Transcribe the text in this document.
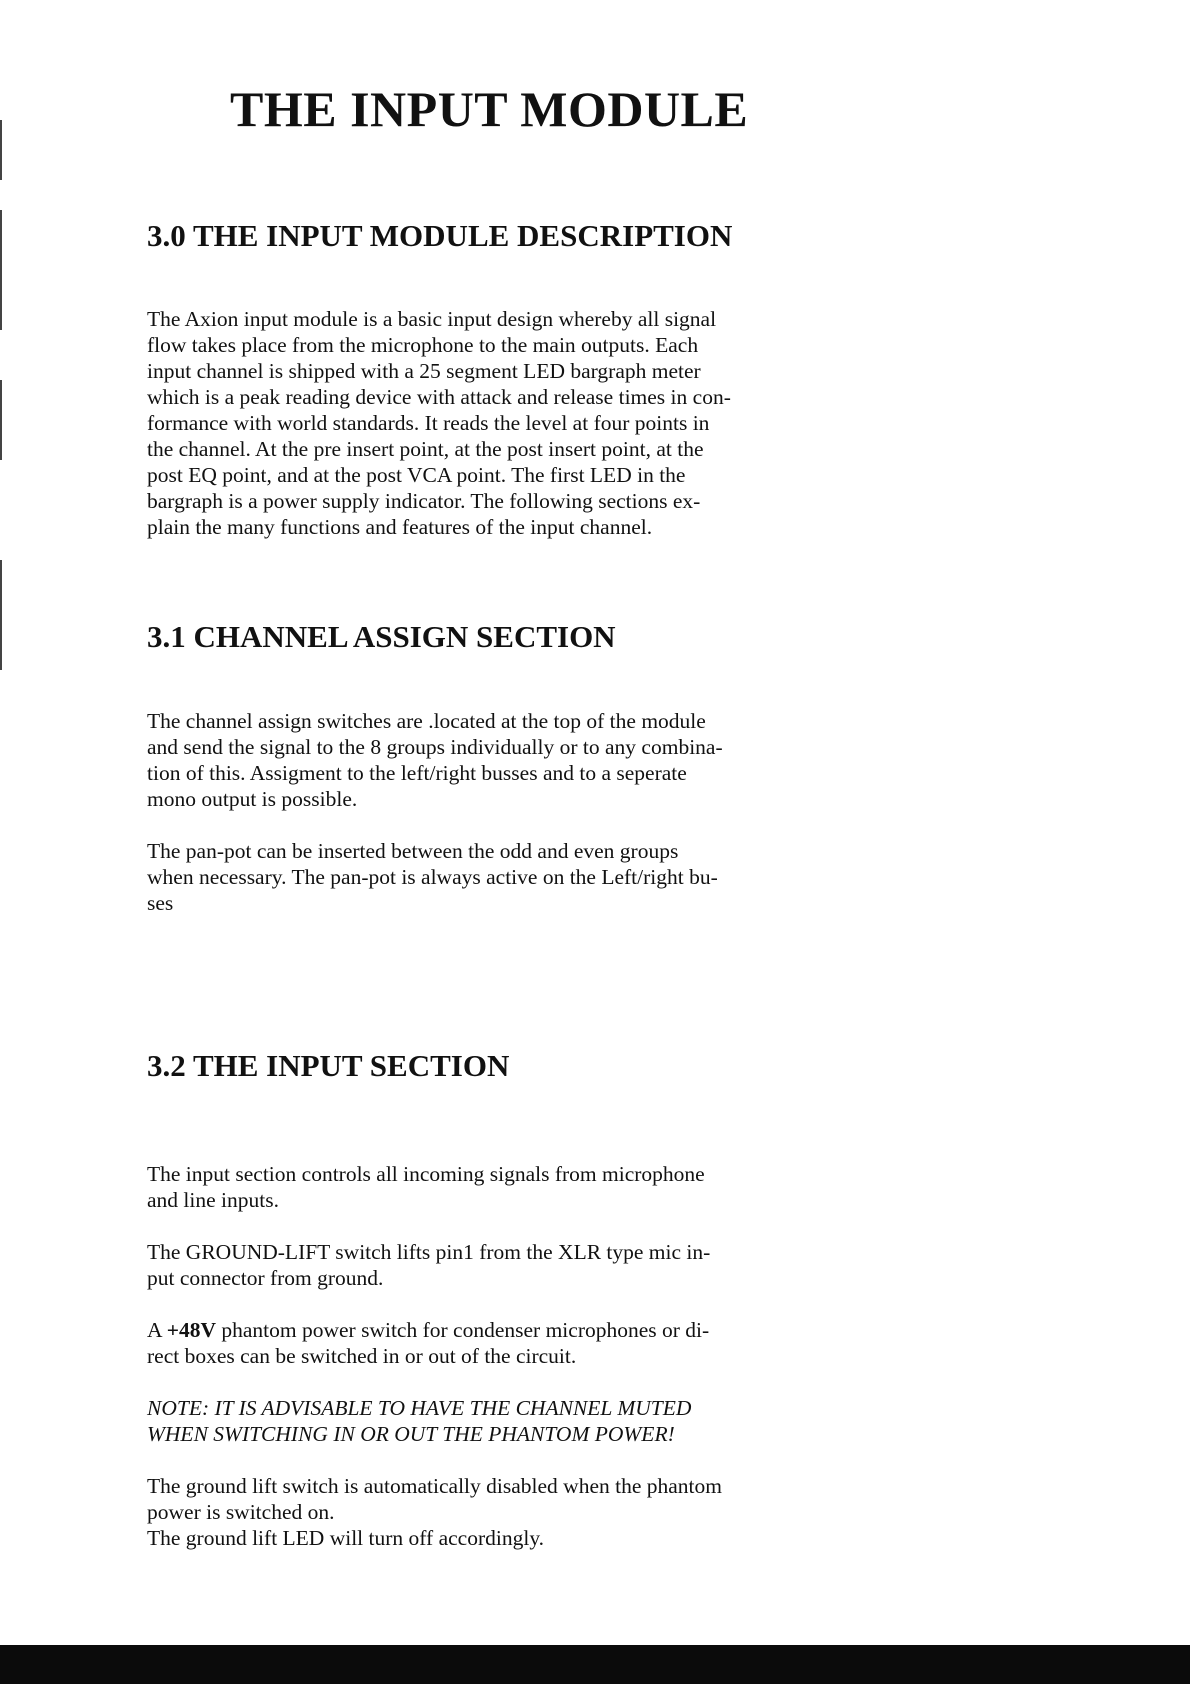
THE INPUT MODULE
3.0 THE INPUT MODULE DESCRIPTION

The Axion input module is a basic input design whereby all signal
flow takes place from the microphone to the main outputs. Each
input channel is shipped with a 25 segment LED bargraph meter
which is a peak reading device with attack and release times in con-
formance with world standards. It reads the level at four points in
the channel. At the pre insert point, at the post insert point, at the
post EQ point, and at the post VCA point. The first LED in the
bargraph is a power supply indicator. The following sections ex-
plain the many functions and features of the input channel.

3.1 CHANNEL ASSIGN SECTION

The channel assign switches are .located at the top of the module
and send the signal to the 8 groups individually or to any combina-
tion of this. Assigment to the left/right busses and to a seperate
mono output is possible.

The pan-pot can be inserted between the odd and even groups
when necessary. The pan-pot is always active on the Left/right bu-
ses

3.2 THE INPUT SECTION

The input section controls all incoming signals from microphone
and line inputs.

The GROUND-LIFT switch lifts pin1 from the XLR type mic in-
put connector from ground.

A +48V phantom power switch for condenser microphones or di-
rect boxes can be switched in or out of the circuit.

NOTE: IT IS ADVISABLE TO HAVE THE CHANNEL MUTED
WHEN SWITCHING IN OR OUT THE PHANTOM POWER!

The ground lift switch is automatically disabled when the phantom
power is switched on.
The ground lift LED will turn off accordingly.
